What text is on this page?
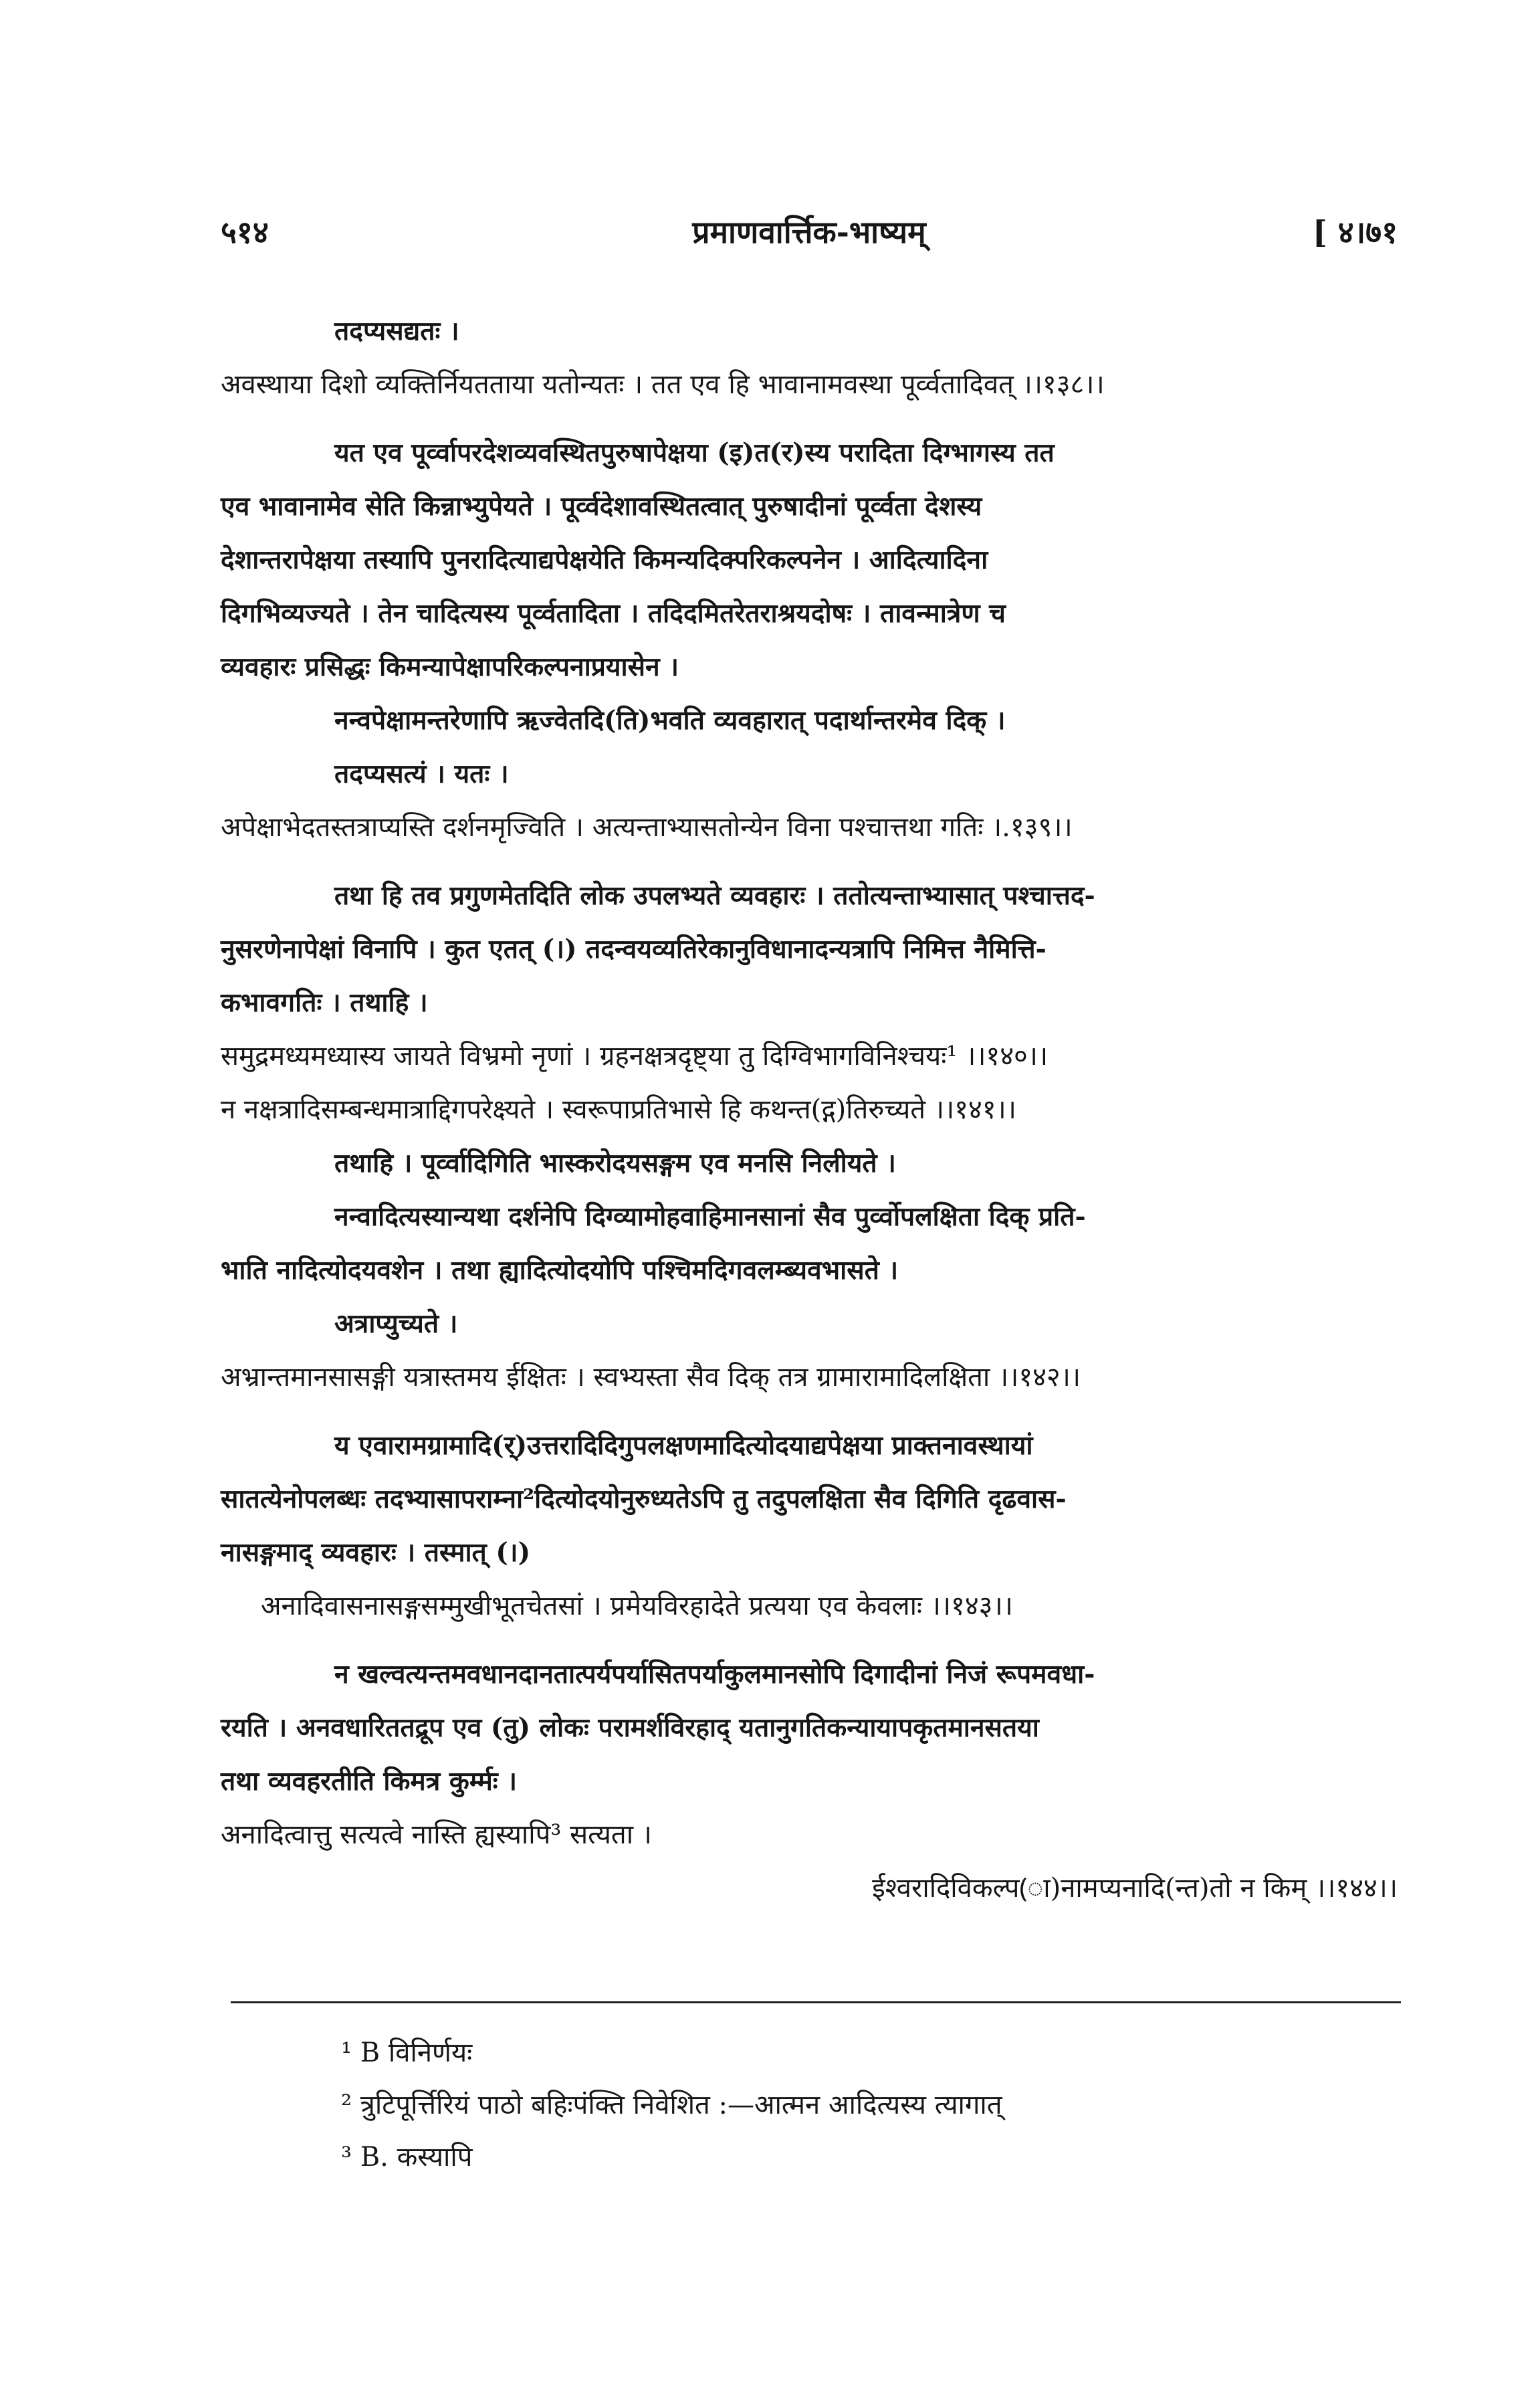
५१४	प्रमाणवार्त्तिक-भाष्यम्	[ ४।७१
तदप्यसद्यतः ।
अवस्थाया दिशो व्यक्तिर्नियतताया यतोन्यतः । तत एव हि भावानामवस्था पूर्व्वतादिवत् ।।१३८।।
यत एव पूर्व्वापरदेशव्यवस्थितपुरुषापेक्षया (इ)त(र)स्य परादिता दिग्भागस्य तत
एव भावानामेव सेति किन्नाभ्युपेयते । पूर्व्वदेशावस्थितत्वात् पुरुषादीनां पूर्व्वता देशस्य
देशान्तरापेक्षया तस्यापि पुनरादित्याद्यपेक्षयेति किमन्यदिक्परिकल्पनेन । आदित्यादिना
दिगभिव्यज्यते । तेन चादित्यस्य पूर्व्वतादिता । तदिदमितरेतराश्रयदोषः । तावन्मात्रेण च
व्यवहारः प्रसिद्धः किमन्यापेक्षापरिकल्पनाप्रयासेन ।
नन्वपेक्षामन्तरेणापि ऋज्वेतदि(ति)भवति व्यवहारात् पदार्थान्तरमेव दिक् ।
तदप्यसत्यं । यतः ।
अपेक्षाभेदतस्तत्राप्यस्ति दर्शनमृज्विति । अत्यन्ताभ्यासतोन्येन विना पश्चात्तथा गतिः ।.१३९।।
तथा हि तव प्रगुणमेतदिति लोक उपलभ्यते व्यवहारः । ततोत्यन्ताभ्यासात् पश्चात्तद-
नुसरणेनापेक्षां विनापि । कुत एतत् (।) तदन्वयव्यतिरेकानुविधानादन्यत्रापि निमित्त नैमित्ति-
कभावगतिः । तथाहि ।
समुद्रमध्यमध्यास्य जायते विभ्रमो नृणां । ग्रहनक्षत्रदृष्ट्या तु दिग्विभागविनिश्चयः¹ ।।१४०।।
न नक्षत्रादिसम्बन्धमात्राद्दिगपरेक्ष्यते । स्वरूपाप्रतिभासे हि कथन्त(द्ग)तिरुच्यते ।।१४१।।
तथाहि । पूर्व्वादिगिति भास्करोदयसङ्गम एव मनसि निलीयते ।
नन्वादित्यस्यान्यथा दर्शनेपि दिग्व्यामोहवाहिमानसानां सैव पुर्व्वोपलक्षिता दिक् प्रति-
भाति नादित्योदयवशेन । तथा ह्यादित्योदयोपि पश्चिमदिगवलम्ब्यवभासते ।
अत्राप्युच्यते ।
अभ्रान्तमानसासङ्गी यत्रास्तमय ईक्षितः । स्वभ्यस्ता सैव दिक् तत्र ग्रामारामादिलक्षिता ।।१४२।।
य एवारामग्रामादि(र्)उत्तरादिदिगुपलक्षणमादित्योदयाद्यपेक्षया प्राक्तनावस्थायां
सातत्येनोपलब्धः तदभ्यासापराम्ना²दित्योदयोनुरुध्यतेऽपि तु तदुपलक्षिता सैव दिगिति दृढवास-
नासङ्गमाद् व्यवहारः । तस्मात् (।)
अनादिवासनासङ्गसम्मुखीभूतचेतसां । प्रमेयविरहादेते प्रत्यया एव केवलाः ।।१४३।।
न खल्वत्यन्तमवधानदानतात्पर्यपर्यासितपर्याकुलमानसोपि दिगादीनां निजं रूपमवधा-
रयति । अनवधारिततद्रूप एव (तु) लोकः परामर्शविरहाद् यतानुगतिकन्यायापकृतमानसतया
तथा व्यवहरतीति किमत्र कुर्म्मः ।
अनादित्वात्तु सत्यत्वे नास्ति ह्यस्यापि³ सत्यता ।
ईश्वरादिविकल्प(ा)नामप्यनादि(न्त)तो न किम् ।।१४४।।
¹ B विनिर्णयः
² त्रुटिपूर्त्तिरियं पाठो बहिःपंक्ति निवेशित :—आत्मन आदित्यस्य त्यागात्
³ B. कस्यापि
